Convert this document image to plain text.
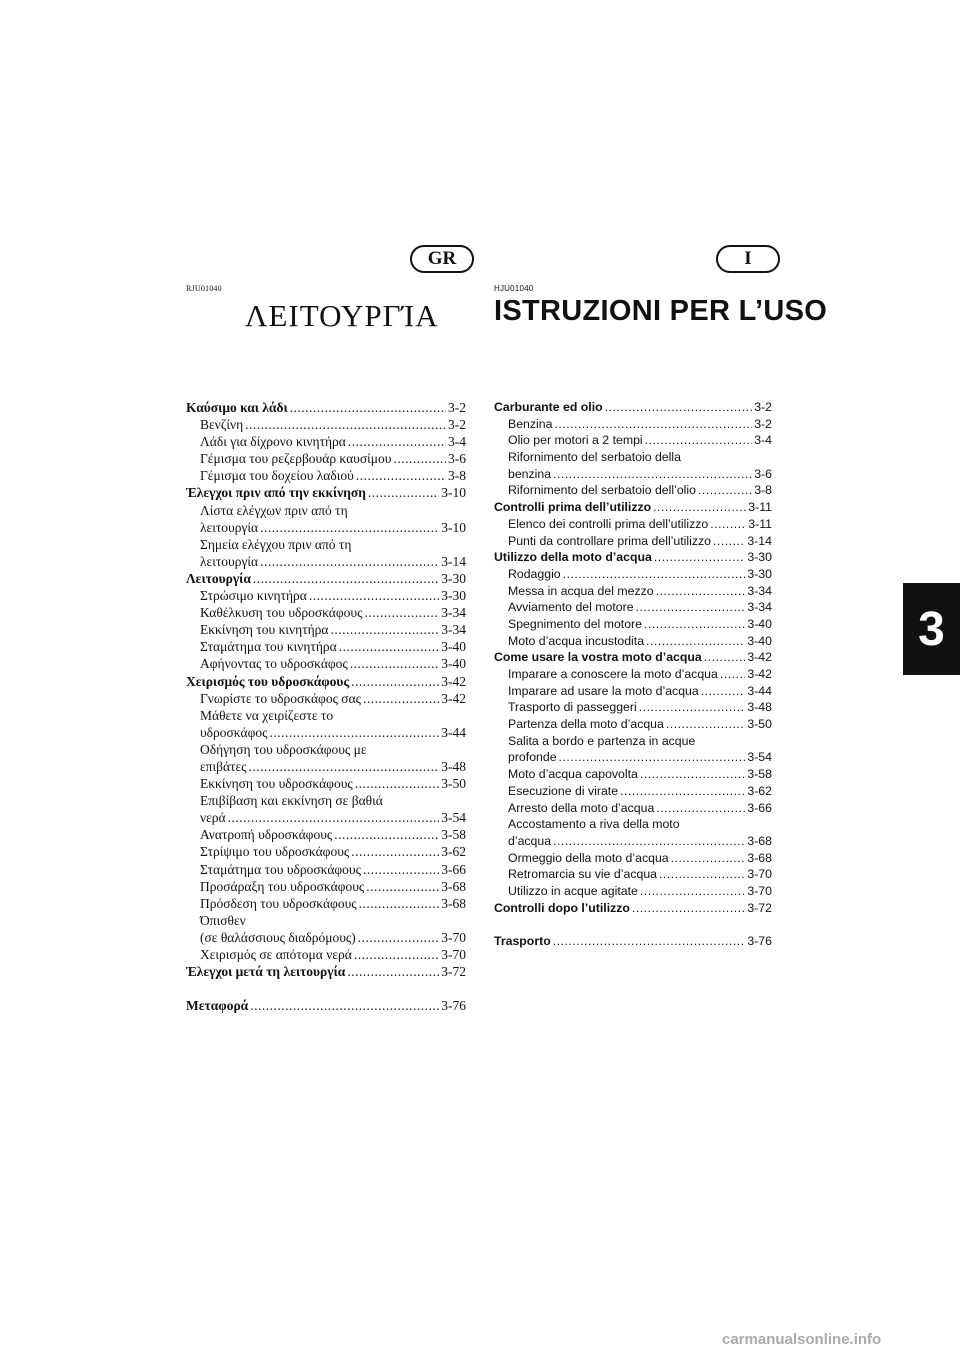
GR	I
RJU01040	HJU01040
ΛΕΙΤΟΥΡΓΊΑ ISTRUZIONI PER L’USO
Καύσιμο και λάδι .....	3-2
Βενζίνη .....	3-2
Λάδι για δίχρονο κινητήρα .....	3-4
Γέμισμα του ρεζερβουάρ καυσίμου .....	3-6
Γέμισμα του δοχείου λαδιού .....	3-8
Έλεγχοι πριν από την εκκίνηση .....	3-10
Λίστα ελέγχων πριν από τη
λειτουργία .....	3-10
Σημεία ελέγχου πριν από τη
λειτουργία .....	3-14
Λειτουργία .....	3-30
Στρώσιμο κινητήρα .....	3-30
Καθέλκυση του υδροσκάφους .....	3-34
Εκκίνηση του κινητήρα .....	3-34
Σταμάτημα του κινητήρα .....	3-40
Αφήνοντας το υδροσκάφος .....	3-40
Χειρισμός του υδροσκάφους .....	3-42
Γνωρίστε το υδροσκάφος σας .....	3-42
Μάθετε να χειρίζεστε το
υδροσκάφος .....	3-44
Οδήγηση του υδροσκάφους με
επιβάτες .....	3-48
Εκκίνηση του υδροσκάφους .....	3-50
Επιβίβαση και εκκίνηση σε βαθιά
νερά .....	3-54
Ανατροπή υδροσκάφους .....	3-58
Στρίψιμο του υδροσκάφους .....	3-62
Σταμάτημα του υδροσκάφους .....	3-66
Προσάραξη του υδροσκάφους .....	3-68
Πρόσδεση του υδροσκάφους .....	3-68
Όπισθεν
(σε θαλάσσιους διαδρόμους) .....	3-70
Χειρισμός σε απότομα νερά .....	3-70
Έλεγχοι μετά τη λειτουργία .....	3-72
Μεταφορά .....	3-76
Carburante ed olio .....	3-2
Benzina .....	3-2
Olio per motori a 2 tempi .....	3-4
Rifornimento del serbatoio della
benzina .....	3-6
Rifornimento del serbatoio dell’olio .....	3-8
Controlli prima dell’utilizzo .....	3-11
Elenco dei controlli prima dell’utilizzo .....	3-11
Punti da controllare prima dell’utilizzo .....	3-14
Utilizzo della moto d’acqua .....	3-30
Rodaggio .....	3-30
Messa in acqua del mezzo .....	3-34
Avviamento del motore .....	3-34
Spegnimento del motore .....	3-40
Moto d’acqua incustodita .....	3-40
Come usare la vostra moto d’acqua .....	3-42
Imparare a conoscere la moto d’acqua ..... 3-42
Imparare ad usare la moto d’acqua .....	3-44
Trasporto di passeggeri .....	3-48
Partenza della moto d’acqua .....	3-50
Salita a bordo e partenza in acque
profonde .....	3-54
Moto d’acqua capovolta .....	3-58
Esecuzione di virate .....	3-62
Arresto della moto d’acqua .....	3-66
Accostamento a riva della moto
d’acqua .....	3-68
Ormeggio della moto d’acqua .....	3-68
Retromarcia su vie d’acqua .....	3-70
Utilizzo in acque agitate .....	3-70
Controlli dopo l’utilizzo .....	3-72
Trasporto .....	3-76
3
carmanualsonline.info
